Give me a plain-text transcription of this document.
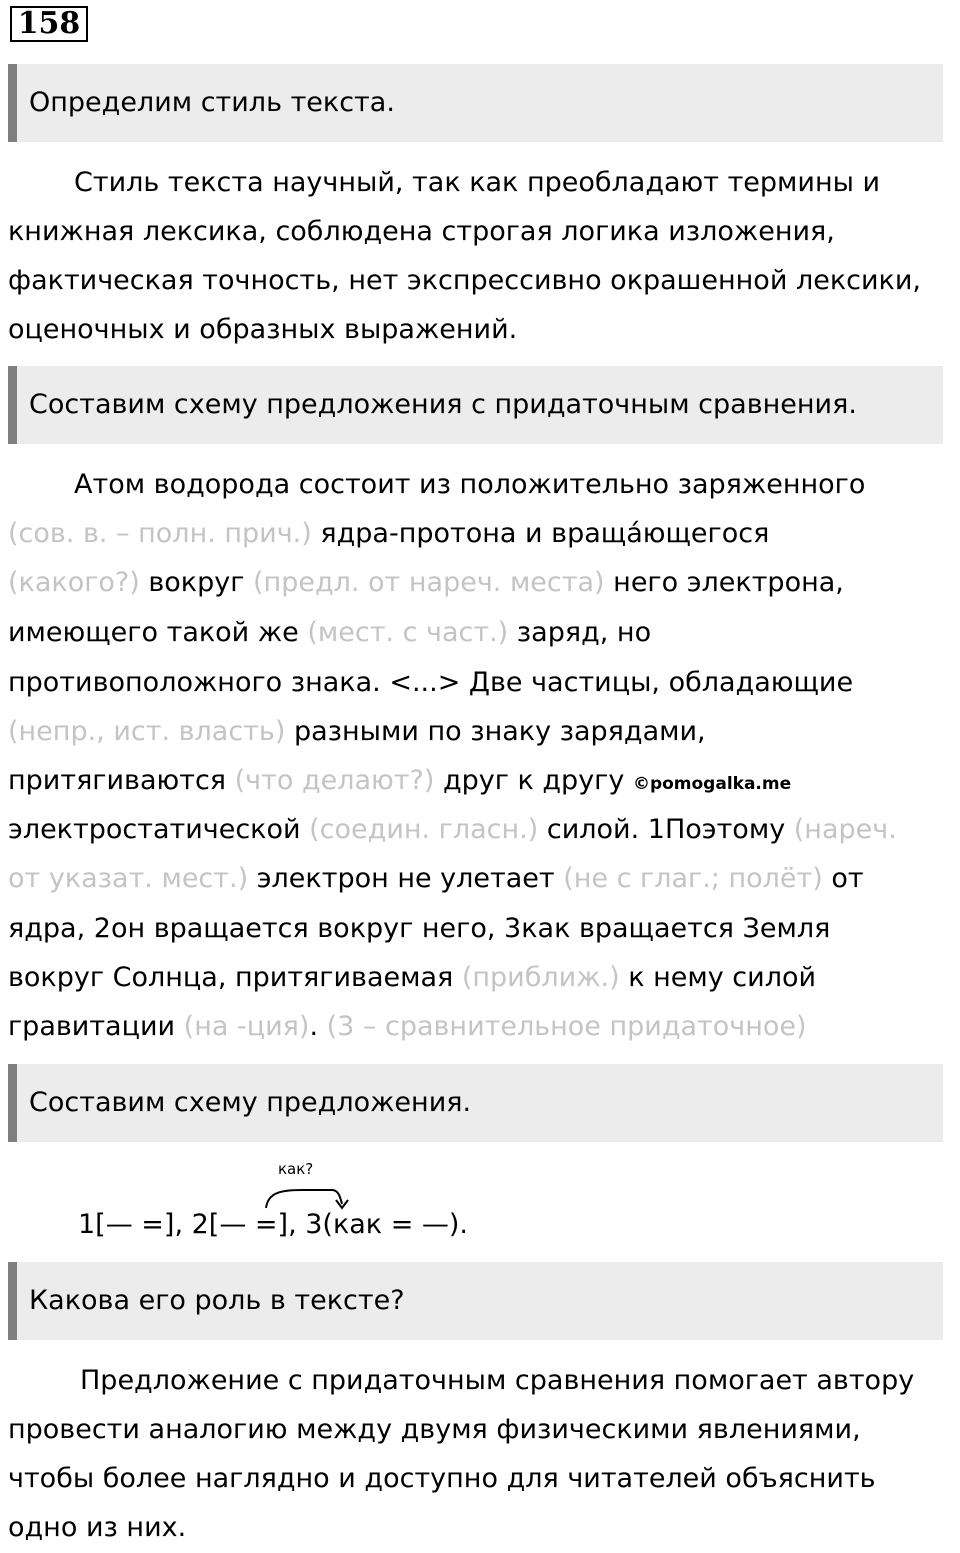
158
Определим стиль текста.

Стиль текста научный, так как преобладают термины и книжная лексика, соблюдена строгая логика изложения, фактическая точность, нет экспрессивно окрашенной лексики, оценочных и образных выражений.

Составим схему предложения с придаточным сравнения.
Атом водорода состоит из положительно заряженного
(сов. в. – полн. прич.) ядра-протона и вращáющегося
(какого?) вокруг (предл. от нареч. места) него электрона,
имеющего такой же (мест. с част.) заряд, но
противоположного знака. <...> Две частицы, обладающие
(непр., ист. власть) разными по знаку зарядами,
притягиваются (что делают?) друг к другу ©pomogalka.me
электростатической (соедин. гласн.) силой. 1Поэтому (нареч.
от указат. мест.) электрон не улетает (не с глаг.; полёт) от
ядра, 2он вращается вокруг него, 3как вращается Земля
вокруг Солнца, притягиваемая (приближ.) к нему силой
гравитации (на -ция). (3 – сравнительное придаточное)
Составим схему предложения.
как?
1[— =], 2[— =], 3(как = —).
Какова его роль в тексте?

Предложение с придаточным сравнения помогает автору провести аналогию между двумя физическими явлениями, чтобы более наглядно и доступно для читателей объяснить одно из них.
